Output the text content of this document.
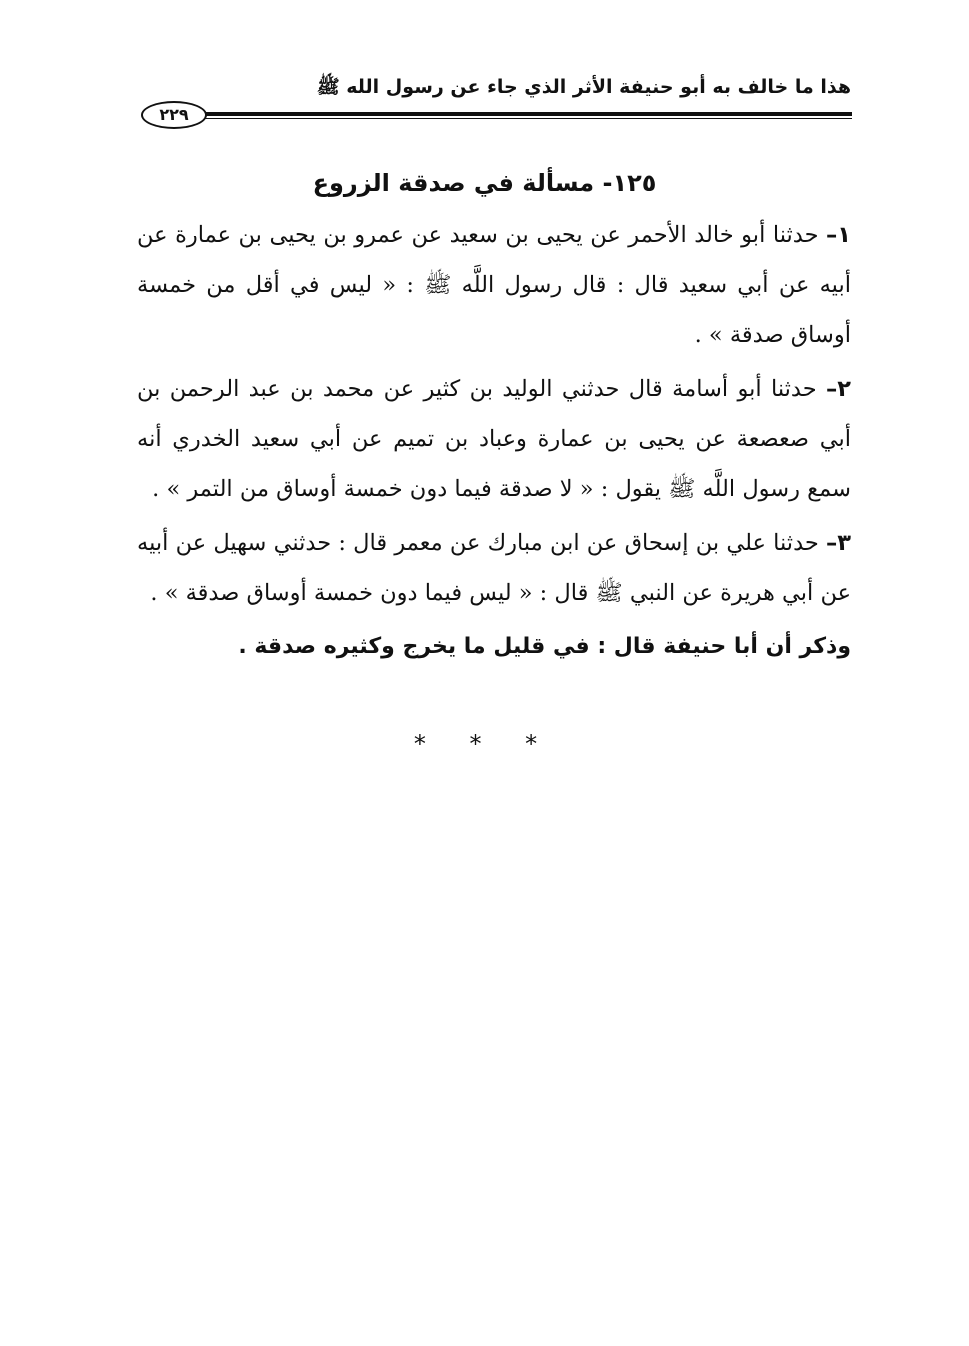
هذا ما خالف به أبو حنيفة الأثر الذي جاء عن رسول الله ﷺ
٢٢٩
١٢٥- مسألة في صدقة الزروع

١– حدثنا أبو خالد الأحمر عن يحيى بن سعيد عن عمرو بن يحيى بن عمارة عن أبيه عن أبي سعيد قال : قال رسول اللَّه ﷺ : « ليس في أقل من خمسة أوساق صدقة » .

٢– حدثنا أبو أسامة قال حدثني الوليد بن كثير عن محمد بن عبد الرحمن بن أبي صعصعة عن يحيى بن عمارة وعباد بن تميم عن أبي سعيد الخدري أنه سمع رسول اللَّه ﷺ يقول : « لا صدقة فيما دون خمسة أوساق من التمر » .

٣– حدثنا علي بن إسحاق عن ابن مبارك عن معمر قال : حدثني سهيل عن أبيه عن أبي هريرة عن النبي ﷺ قال : « ليس فيما دون خمسة أوساق صدقة » .

وذكر أن أبا حنيفة قال : في قليل ما يخرج وكثيره صدقة .

* * *
